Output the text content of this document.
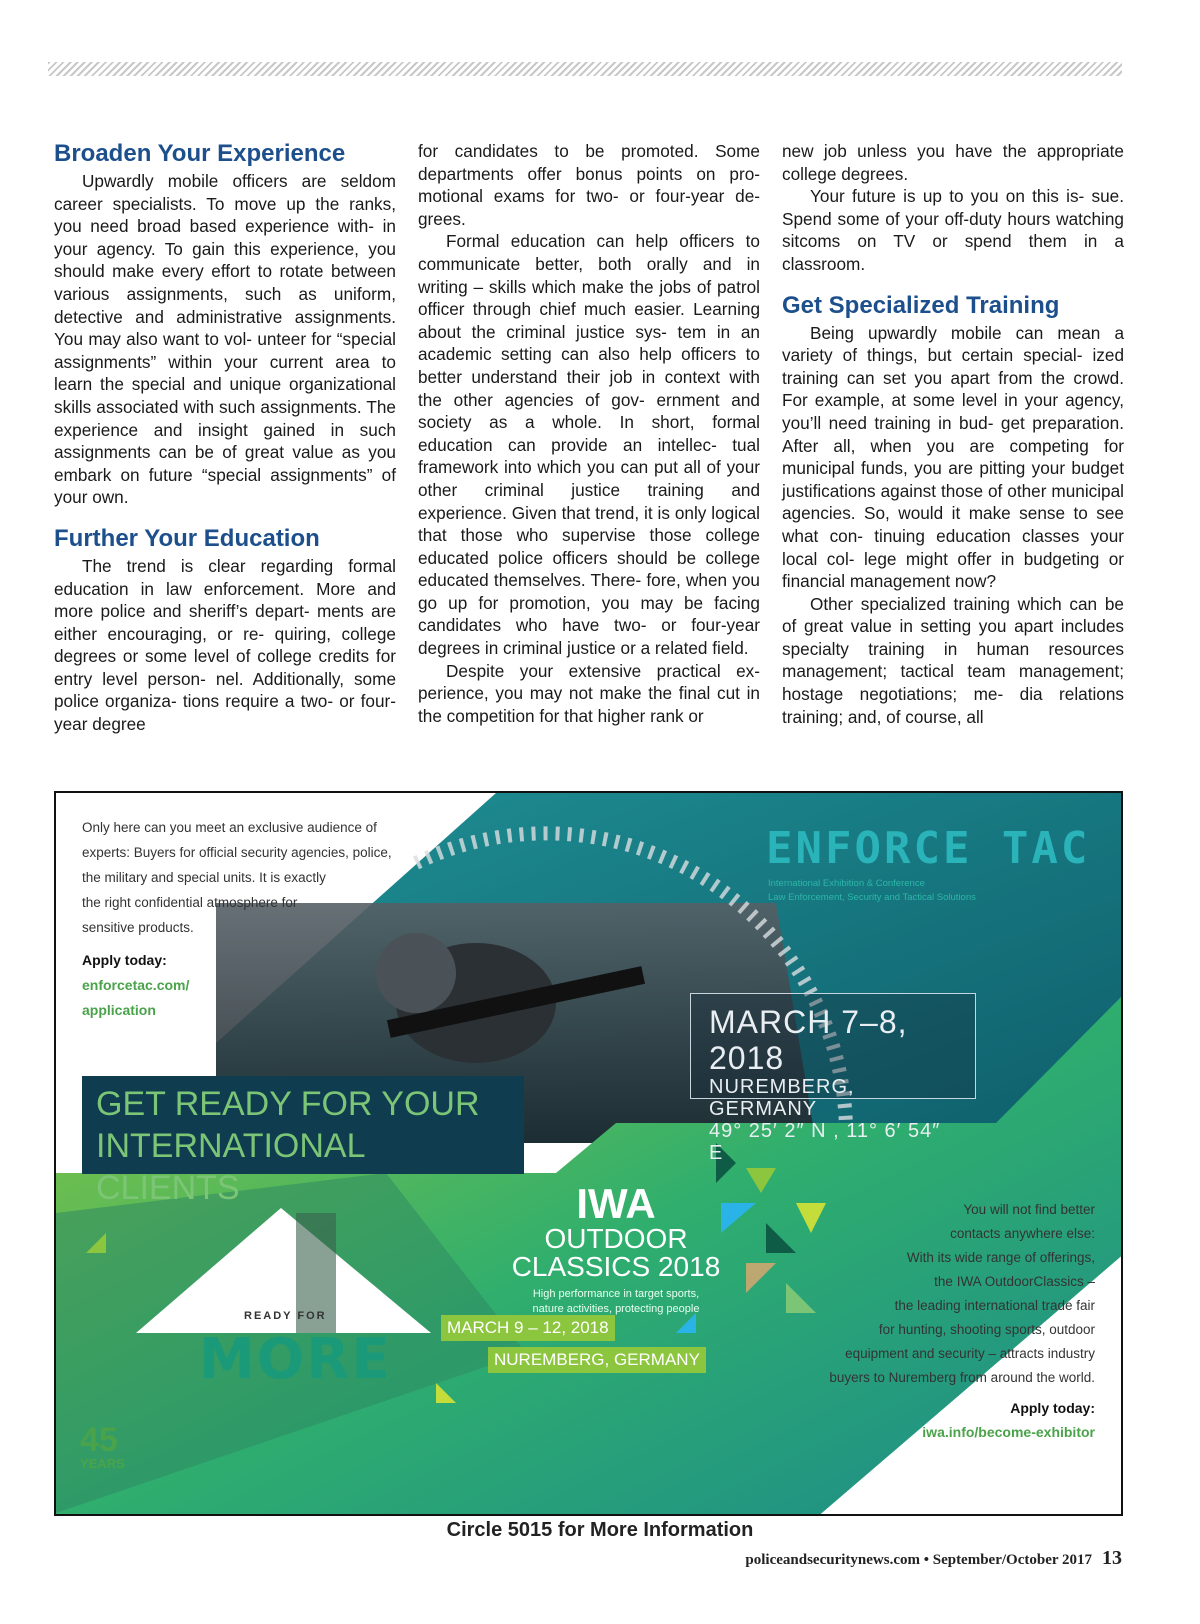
Broaden Your Experience

Upwardly mobile officers are seldom career specialists. To move up the ranks, you need broad based experience with- in your agency. To gain this experience, you should make every effort to rotate between various assignments, such as uniform, detective and administrative assignments. You may also want to vol- unteer for “special assignments” within your current area to learn the special and unique organizational skills associated with such assignments. The experience and insight gained in such assignments can be of great value as you embark on future “special assignments” of your own.

Further Your Education

The trend is clear regarding formal education in law enforcement. More and more police and sheriff’s depart- ments are either encouraging, or re- quiring, college degrees or some level of college credits for entry level person- nel. Additionally, some police organiza- tions require a two- or four-year degree

for candidates to be promoted. Some departments offer bonus points on pro- motional exams for two- or four-year de- grees.

Formal education can help officers to communicate better, both orally and in writing – skills which make the jobs of patrol officer through chief much easier. Learning about the criminal justice sys- tem in an academic setting can also help officers to better understand their job in context with the other agencies of gov- ernment and society as a whole. In short, formal education can provide an intellec- tual framework into which you can put all of your other criminal justice training and experience. Given that trend, it is only logical that those who supervise those college educated police officers should be college educated themselves. There- fore, when you go up for promotion, you may be facing candidates who have two- or four-year degrees in criminal justice or a related field.

Despite your extensive practical ex- perience, you may not make the final cut in the competition for that higher rank or

new job unless you have the appropriate college degrees.

Your future is up to you on this is- sue. Spend some of your off-duty hours watching sitcoms on TV or spend them in a classroom.

Get Specialized Training

Being upwardly mobile can mean a variety of things, but certain special- ized training can set you apart from the crowd. For example, at some level in your agency, you’ll need training in bud- get preparation. After all, when you are competing for municipal funds, you are pitting your budget justifications against those of other municipal agencies. So, would it make sense to see what con- tinuing education classes your local col- lege might offer in budgeting or financial management now?

Other specialized training which can be of great value in setting you apart includes specialty training in human resources management; tactical team management; hostage negotiations; me- dia relations training; and, of course, all

Only here can you meet an exclusive audience of
experts: Buyers for official security agencies, police,
the military and special units. It is exactly
the right confidential atmosphere for
sensitive products.
Apply today:
enforcetac.com/
application
ENFORCE TAC
International Exhibition & Conference
Law Enforcement, Security and Tactical Solutions
MARCH 7–8, 2018
NUREMBERG, GERMANY
49° 25′ 2″ N , 11° 6′ 54″ E
GET READY FOR YOUR
INTERNATIONAL CLIENTS	IWA
OUTDOOR
CLASSICS 2018
High performance in target sports,
nature activities, protecting people
MARCH 9 – 12, 2018
NUREMBERG, GERMANY
READY FOR
MORE
45
YEARS
You will not find better
contacts anywhere else:
With its wide range of offerings,
the IWA OutdoorClassics –
the leading international trade fair
for hunting, shooting sports, outdoor
equipment and security – attracts industry
buyers to Nuremberg from around the world.
Apply today:
iwa.info/become-exhibitor
Circle 5015 for More Information
policeandsecuritynews.com • September/October 2017 13
